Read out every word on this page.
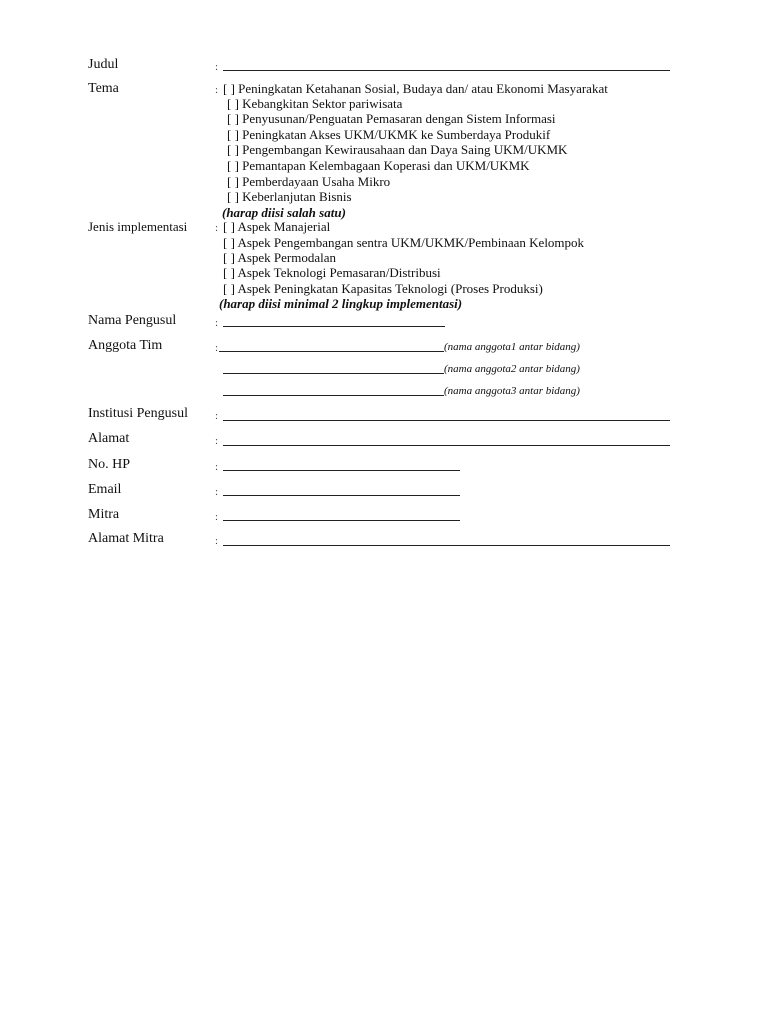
Judul	:
Tema	: [ ] Peningkatan Ketahanan Sosial, Budaya dan/ atau Ekonomi Masyarakat
[ ] Kebangkitan Sektor pariwisata
[ ] Penyusunan/Penguatan Pemasaran dengan Sistem Informasi
[ ] Peningkatan Akses UKM/UKMK ke Sumberdaya Produkif
[ ] Pengembangan Kewirausahaan dan Daya Saing UKM/UKMK
[ ] Pemantapan Kelembagaan Koperasi dan UKM/UKMK
[ ] Pemberdayaan Usaha Mikro
[ ] Keberlanjutan Bisnis
(harap diisi salah satu)
Jenis implementasi	: [ ] Aspek Manajerial
[ ] Aspek Pengembangan sentra UKM/UKMK/Pembinaan Kelompok
[ ] Aspek Permodalan
[ ] Aspek Teknologi Pemasaran/Distribusi
[ ] Aspek Peningkatan Kapasitas Teknologi (Proses Produksi)
(harap diisi minimal 2 lingkup implementasi)
Nama Pengusul	:
Anggota Tim	:	(nama anggota1 antar bidang)
(nama anggota2 antar bidang)
(nama anggota3 antar bidang)
Institusi Pengusul :
Alamat	:
No. HP	:
Email	:
Mitra	:
Alamat Mitra	:
